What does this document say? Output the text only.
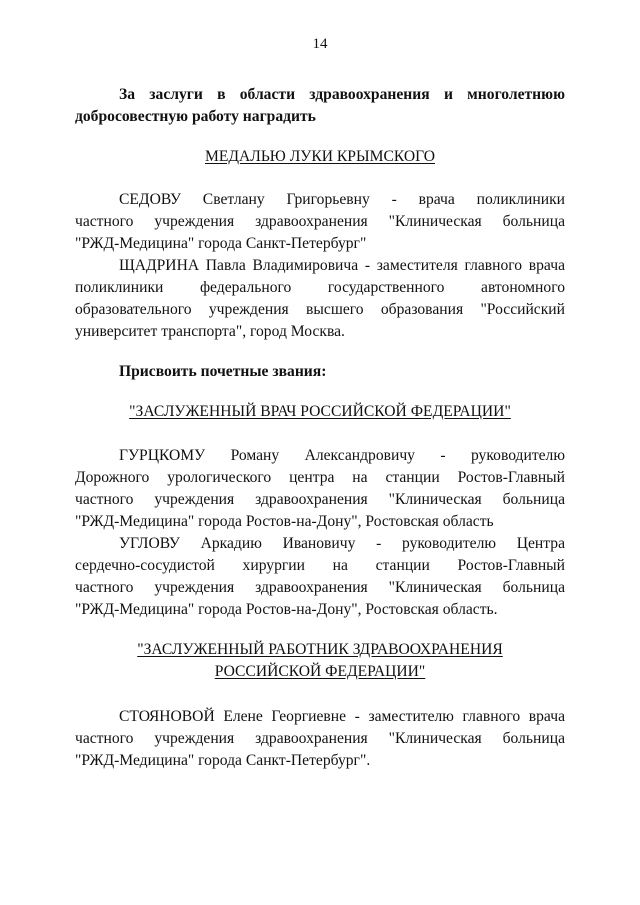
14
За заслуги в области здравоохранения и многолетнюю
добросовестную работу наградить
МЕДАЛЬЮ ЛУКИ КРЫМСКОГО
СЕДОВУ Светлану Григорьевну - врача поликлиники
частного учреждения здравоохранения "Клиническая больница
"РЖД-Медицина" города Санкт-Петербург"
ЩАДРИНА Павла Владимировича - заместителя главного врача
поликлиники федерального государственного автономного
образовательного учреждения высшего образования "Российский
университет транспорта", город Москва.
Присвоить почетные звания:
"ЗАСЛУЖЕННЫЙ ВРАЧ РОССИЙСКОЙ ФЕДЕРАЦИИ"
ГУРЦКОМУ Роману Александровичу - руководителю
Дорожного урологического центра на станции Ростов-Главный
частного учреждения здравоохранения "Клиническая больница
"РЖД-Медицина" города Ростов-на-Дону", Ростовская область
УГЛОВУ Аркадию Ивановичу - руководителю Центра
сердечно-сосудистой хирургии на станции Ростов-Главный
частного учреждения здравоохранения "Клиническая больница
"РЖД-Медицина" города Ростов-на-Дону", Ростовская область.
"ЗАСЛУЖЕННЫЙ РАБОТНИК ЗДРАВООХРАНЕНИЯ
РОССИЙСКОЙ ФЕДЕРАЦИИ"
СТОЯНОВОЙ Елене Георгиевне - заместителю главного врача
частного учреждения здравоохранения "Клиническая больница
"РЖД-Медицина" города Санкт-Петербург".
